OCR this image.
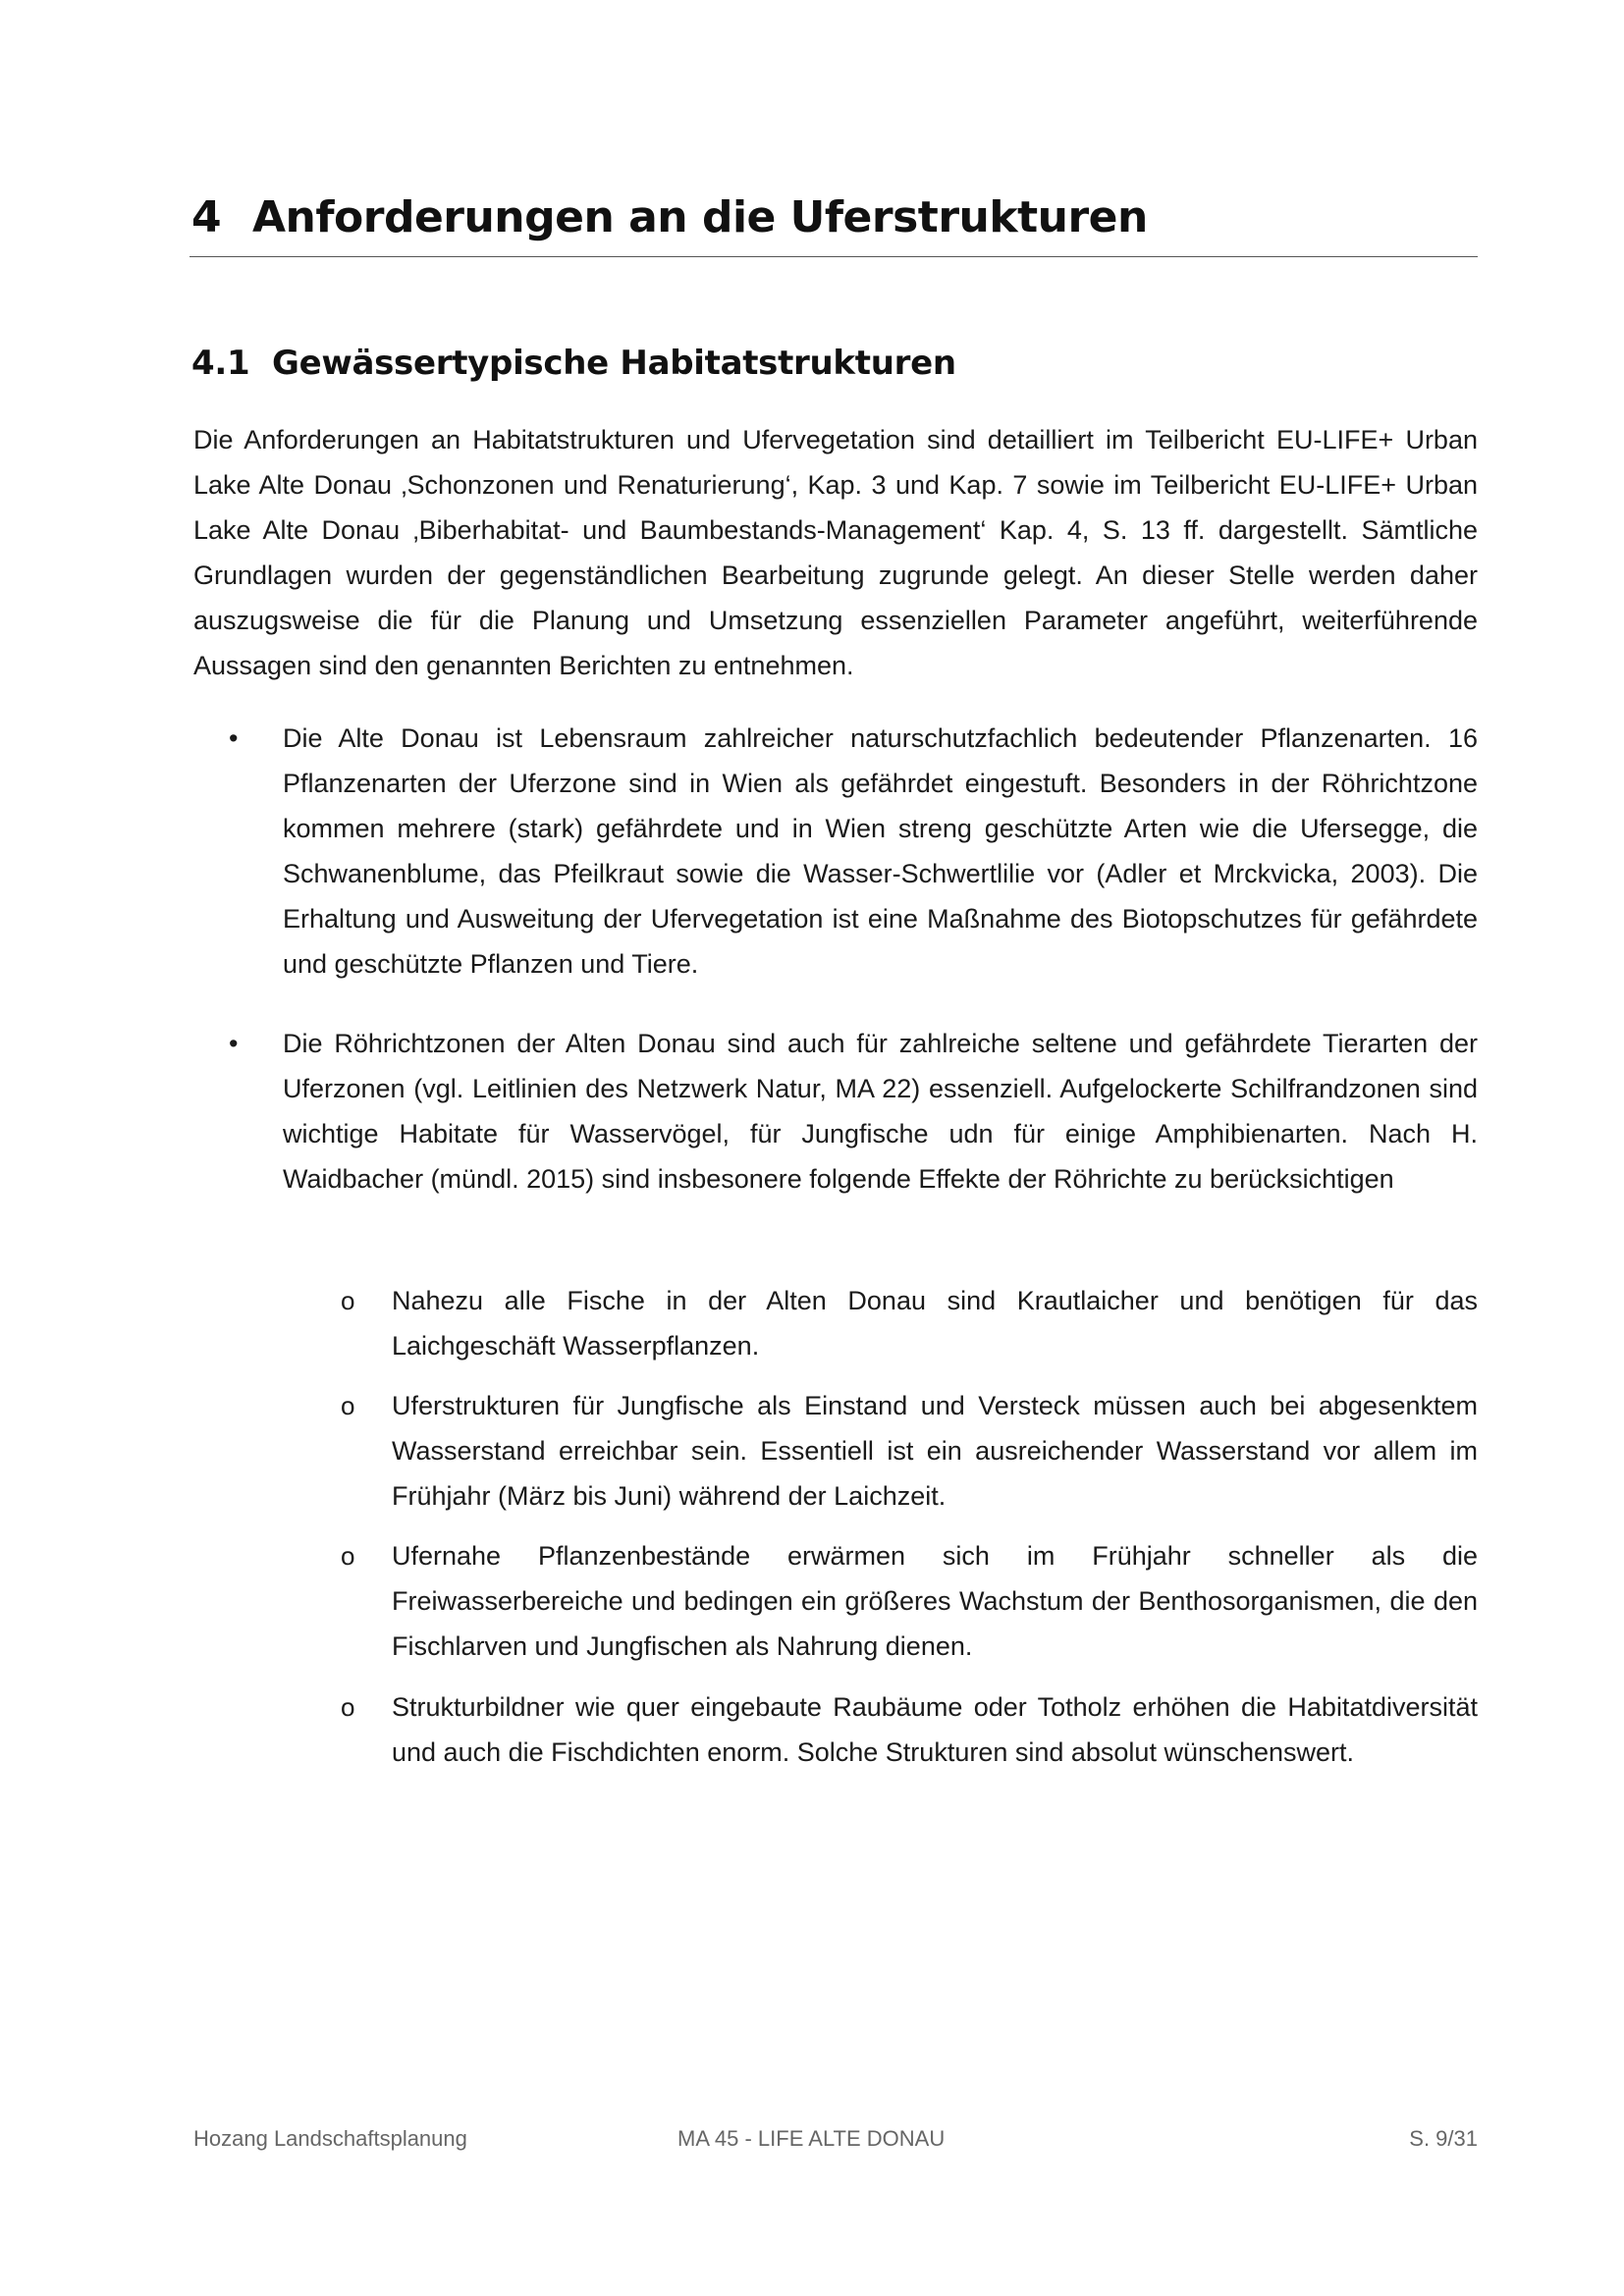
4 Anforderungen an die Uferstrukturen
4.1 Gewässertypische Habitatstrukturen

Die Anforderungen an Habitatstrukturen und Ufervegetation sind detailliert im Teilbericht EU-LIFE+ Urban Lake Alte Donau ‚Schonzonen und Renaturierung‘, Kap. 3 und Kap. 7 sowie im Teilbericht EU-LIFE+ Urban Lake Alte Donau ‚Biberhabitat- und Baumbestands-Management‘ Kap. 4, S. 13 ff. dargestellt. Sämtliche Grundlagen wurden der gegenständlichen Bearbeitung zugrunde gelegt. An dieser Stelle werden daher auszugsweise die für die Planung und Umsetzung essenziellen Parameter angeführt, weiterführende Aussagen sind den genannten Berichten zu entnehmen.

• Die Alte Donau ist Lebensraum zahlreicher naturschutzfachlich bedeutender Pflanzenarten. 16 Pflanzenarten der Uferzone sind in Wien als gefährdet eingestuft. Besonders in der Röhrichtzone kommen mehrere (stark) gefährdete und in Wien streng geschützte Arten wie die Ufersegge, die Schwanenblume, das Pfeilkraut sowie die Wasser-Schwertlilie vor (Adler et Mrckvicka, 2003). Die Erhaltung und Ausweitung der Ufervegetation ist eine Maßnahme des Biotopschutzes für gefährdete und geschützte Pflanzen und Tiere.

• Die Röhrichtzonen der Alten Donau sind auch für zahlreiche seltene und gefährdete Tierarten der Uferzonen (vgl. Leitlinien des Netzwerk Natur, MA 22) essenziell. Aufgelockerte Schilfrandzonen sind wichtige Habitate für Wasservögel, für Jungfische udn für einige Amphibienarten. Nach H. Waidbacher (mündl. 2015) sind insbesonere folgende Effekte der Röhrichte zu berücksichtigen

o Nahezu alle Fische in der Alten Donau sind Krautlaicher und benötigen für das Laichgeschäft Wasserpflanzen.

o Uferstrukturen für Jungfische als Einstand und Versteck müssen auch bei abgesenktem Wasserstand erreichbar sein. Essentiell ist ein ausreichender Wasserstand vor allem im Frühjahr (März bis Juni) während der Laichzeit.

o Ufernahe Pflanzenbestände erwärmen sich im Frühjahr schneller als die Freiwasserbereiche und bedingen ein größeres Wachstum der Benthosorganismen, die den Fischlarven und Jungfischen als Nahrung dienen.

o Strukturbildner wie quer eingebaute Raubäume oder Totholz erhöhen die Habitatdiversität und auch die Fischdichten enorm. Solche Strukturen sind absolut wünschenswert.

Hozang Landschaftsplanung	MA 45 - LIFE ALTE DONAU	S. 9/31
